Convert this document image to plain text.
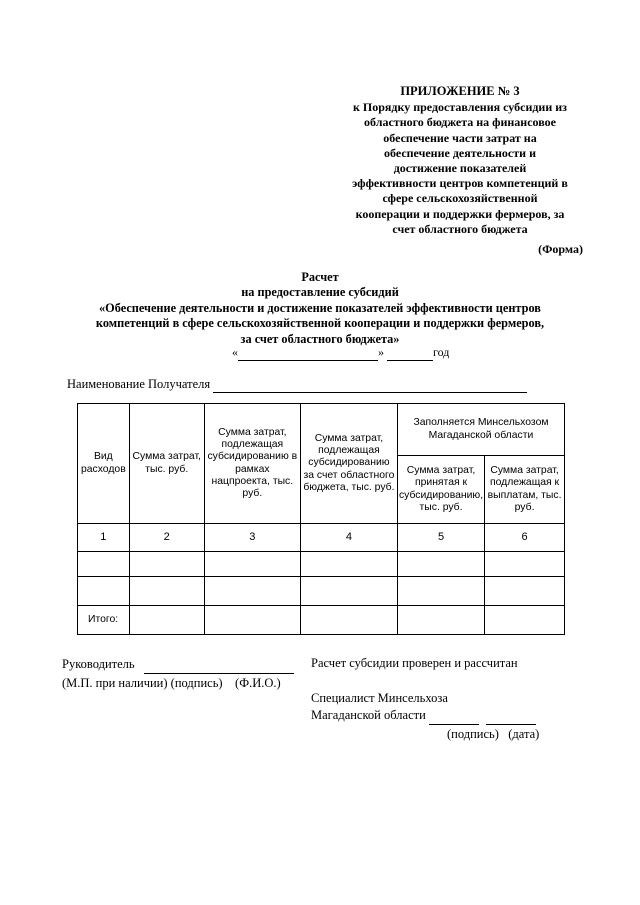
ПРИЛОЖЕНИЕ № 3
к Порядку предоставления субсидии из
областного бюджета на финансовое
обеспечение части затрат на
обеспечение деятельности и
достижение показателей
эффективности центров компетенций в
сфере сельскохозяйственной
кооперации и поддержки фермеров, за
счет областного бюджета
(Форма)
Расчет
на предоставление субсидий
«Обеспечение деятельности и достижение показателей эффективности центров
компетенций в сфере сельскохозяйственной кооперации и поддержки фермеров,
за счет областного бюджета»
«	»	год
Наименование Получателя
Вид расходов	Сумма затрат, тыс. руб.	Сумма затрат, подлежащая субсидированию в рамках нацпроекта, тыс. руб.	Сумма затрат, подлежащая субсидированию за счет областного бюджета, тыс. руб.	Заполняется Минсельхозом Магаданской области	
				Сумма затрат, принятая к субсидированию, тыс. руб.	Сумма затрат, подлежащая к выплатам, тыс. руб.
1	2	3	4	5	6

Итого:					
Руководитель
(М.П. при наличии) (подпись)    (Ф.И.О.)
Расчет субсидии проверен и рассчитан
Специалист Минсельхоза
Магаданской области
(подпись)   (дата)
